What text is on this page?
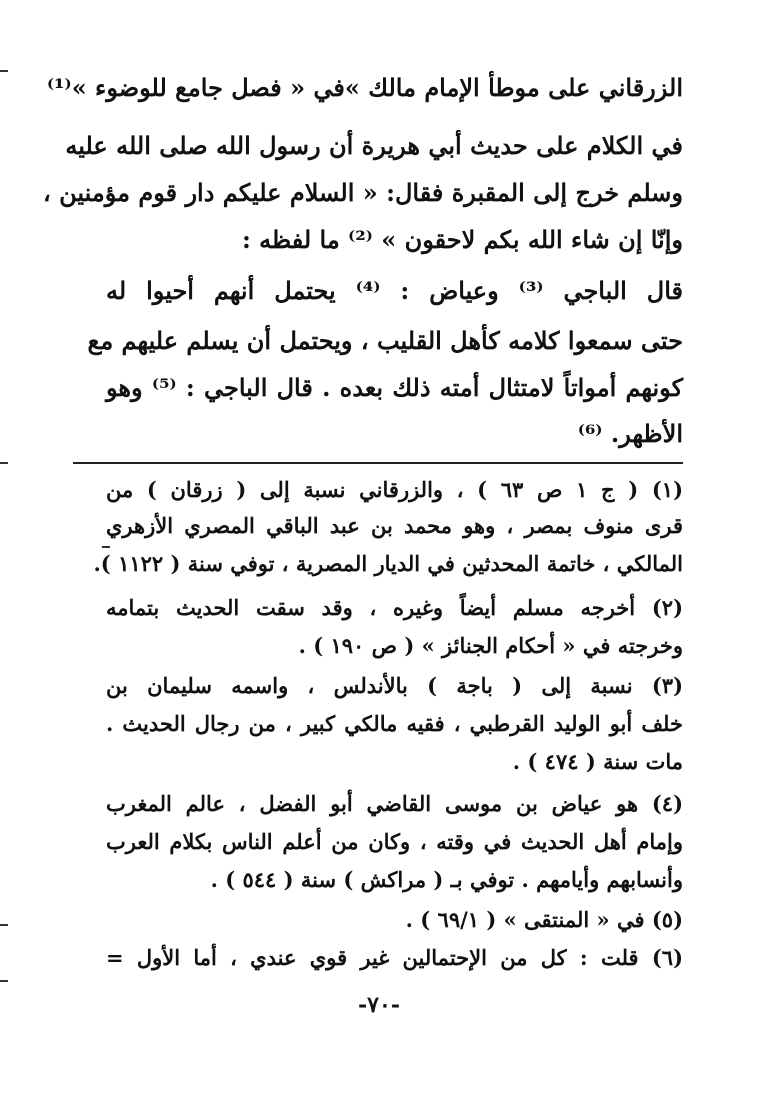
الزرقاني على موطأ الإمام مالك »في « فصل جامع للوضوء »⁽¹⁾
في الكلام على حديث أبي هريرة أن رسول الله صلى الله عليه
وسلم خرج إلى المقبرة فقال: « السلام عليكم دار قوم مؤمنين ،
وإنّا إن شاء الله بكم لاحقون » ⁽²⁾ ما لفظه :
قال الباجي ⁽³⁾ وعياض : ⁽⁴⁾ يحتمل أنهم أحيوا له
حتى سمعوا كلامه كأهل القليب ، ويحتمل أن يسلم عليهم مع
كونهم أمواتاً لامتثال أمته ذلك بعده . قال الباجي : ⁽⁵⁾ وهو
الأظهر. ⁽⁶⁾
(١) ( ج ١ ص ٦٣ ) ، والزرقاني نسبة إلى ( زرقان ) من
قرى منوف بمصر ، وهو محمد بن عبد الباقي المصري الأزهري
المالكي ، خاتمة المحدثين في الديار المصرية ، توفي سنة ( ١١٢٢ ).
(٢) أخرجه مسلم أيضاً وغيره ، وقد سقت الحديث بتمامه
وخرجته في « أحكام الجنائز » ( ص ١٩٠ ) .
(٣) نسبة إلى ( باجة ) بالأندلس ، واسمه سليمان بن
خلف أبو الوليد القرطبي ، فقيه مالكي كبير ، من رجال الحديث .
مات سنة ( ٤٧٤ ) .
(٤) هو عياض بن موسى القاضي أبو الفضل ، عالم المغرب
وإمام أهل الحديث في وقته ، وكان من أعلم الناس بكلام العرب
وأنسابهم وأيامهم . توفي بـ ( مراكش ) سنة ( ٥٤٤ ) .
(٥) في « المنتقى » ( ٦٩/١ ) .
(٦) قلت : كل من الإحتمالين غير قوي عندي ، أما الأول =
-٧٠-
